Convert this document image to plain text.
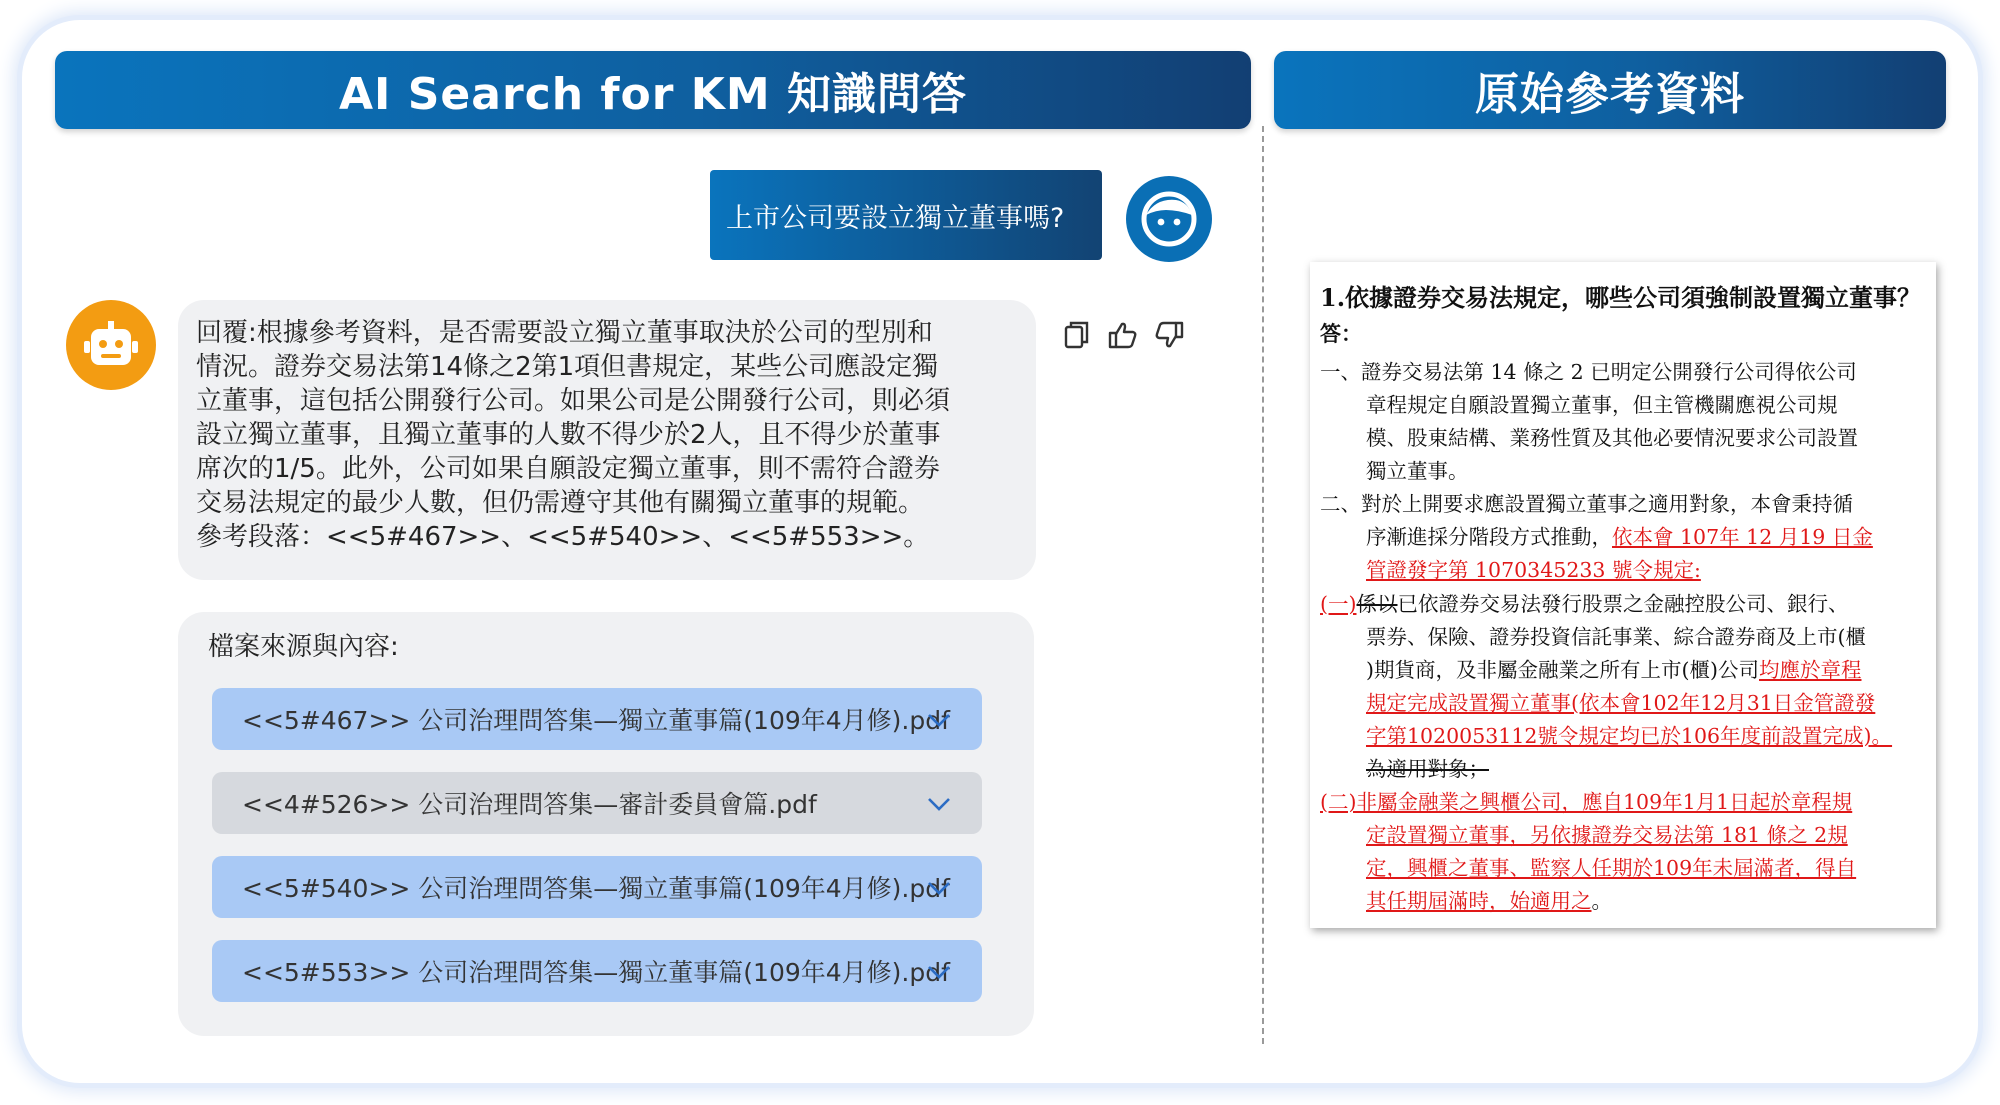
AI Search for KM 知識問答	原始參考資料
上市公司要設立獨立董事嗎?
回覆:根據參考資料，是否需要設立獨立董事取決於公司的型別和
情況。證券交易法第14條之2第1項但書規定，某些公司應設定獨
立董事，這包括公開發行公司。如果公司是公開發行公司，則必須
設立獨立董事，且獨立董事的人數不得少於2人，且不得少於董事
席次的1/5。此外，公司如果自願設定獨立董事，則不需符合證券
交易法規定的最少人數，但仍需遵守其他有關獨立董事的規範。
參考段落：<<5#467>>、<<5#540>>、<<5#553>>。
檔案來源與內容:
<<5#467>> 公司治理問答集—獨立董事篇(109年4月修).pdf
<<4#526>> 公司治理問答集—審計委員會篇.pdf
<<5#540>> 公司治理問答集—獨立董事篇(109年4月修).pdf
<<5#553>> 公司治理問答集—獨立董事篇(109年4月修).pdf
1.依據證券交易法規定，哪些公司須強制設置獨立董事？
答：
一、證券交易法第 14 條之 2 已明定公開發行公司得依公司
章程規定自願設置獨立董事，但主管機關應視公司規
模、股東結構、業務性質及其他必要情況要求公司設置
獨立董事。
二、對於上開要求應設置獨立董事之適用對象，本會秉持循
序漸進採分階段方式推動，依本會 107年 12 月19 日金
管證發字第 1070345233 號令規定:
(一)係以已依證券交易法發行股票之金融控股公司、銀行、
票券、保險、證券投資信託事業、綜合證券商及上市(櫃
)期貨商，及非屬金融業之所有上市(櫃)公司均應於章程
規定完成設置獨立董事(依本會102年12月31日金管證發
字第1020053112號令規定均已於106年度前設置完成)。
為適用對象；
(二)非屬金融業之興櫃公司，應自109年1月1日起於章程規
定設置獨立董事，另依據證券交易法第 181 條之 2規
定，興櫃之董事、監察人任期於109年未屆滿者，得自
其任期屆滿時，始適用之。
